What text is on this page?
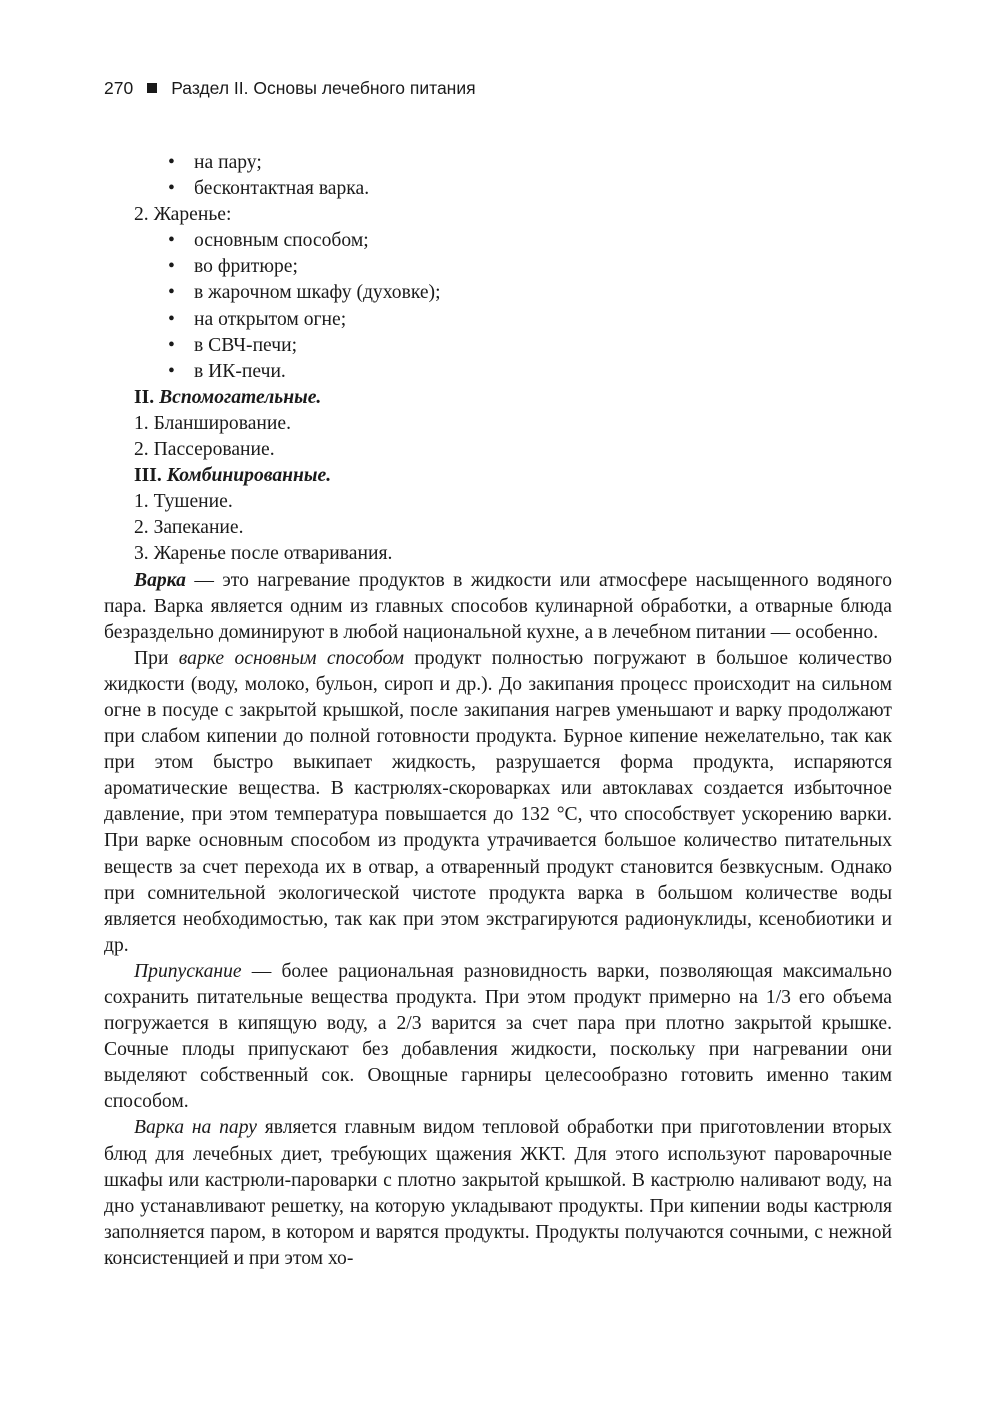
270 Раздел II. Основы лечебного питания
• на пару;
• бесконтактная варка.
2. Жаренье:
• основным способом;
• во фритюре;
• в жарочном шкафу (духовке);
• на открытом огне;
• в СВЧ-печи;
• в ИК-печи.
II. Вспомогательные.
1. Бланширование.
2. Пассерование.
III. Комбинированные.
1. Тушение.
2. Запекание.
3. Жаренье после отваривания.

Варка — это нагревание продуктов в жидкости или атмосфере насыщенного водяного пара. Варка является одним из главных способов кулинарной обработки, а отварные блюда безраздельно доминируют в любой национальной кухне, а в лечебном питании — особенно.

При варке основным способом продукт полностью погружают в большое количество жидкости (воду, молоко, бульон, сироп и др.). До закипания процесс происходит на сильном огне в посуде с закрытой крышкой, после закипания нагрев уменьшают и варку продолжают при слабом кипении до полной готовности продукта. Бурное кипение нежелательно, так как при этом быстро выкипает жидкость, разрушается форма продукта, испаряются ароматические вещества. В кастрюлях-скороварках или автоклавах создается избыточное давление, при этом температура повышается до 132 °С, что способствует ускорению варки. При варке основным способом из продукта утрачивается большое количество питательных веществ за счет перехода их в отвар, а отваренный продукт становится безвкусным. Однако при сомнительной экологической чистоте продукта варка в большом количестве воды является необходимостью, так как при этом экстрагируются радионуклиды, ксенобиотики и др.

Припускание — более рациональная разновидность варки, позволяющая максимально сохранить питательные вещества продукта. При этом продукт примерно на 1/3 его объема погружается в кипящую воду, а 2/3 варится за счет пара при плотно закрытой крышке. Сочные плоды припускают без добавления жидкости, поскольку при нагревании они выделяют собственный сок. Овощные гарниры целесообразно готовить именно таким способом.

Варка на пару является главным видом тепловой обработки при приготовлении вторых блюд для лечебных диет, требующих щажения ЖКТ. Для этого используют пароварочные шкафы или кастрюли-пароварки с плотно закрытой крышкой. В кастрюлю наливают воду, на дно устанавливают решетку, на которую укладывают продукты. При кипении воды кастрюля заполняется паром, в котором и варятся продукты. Продукты получаются сочными, с нежной консистенцией и при этом хо-
